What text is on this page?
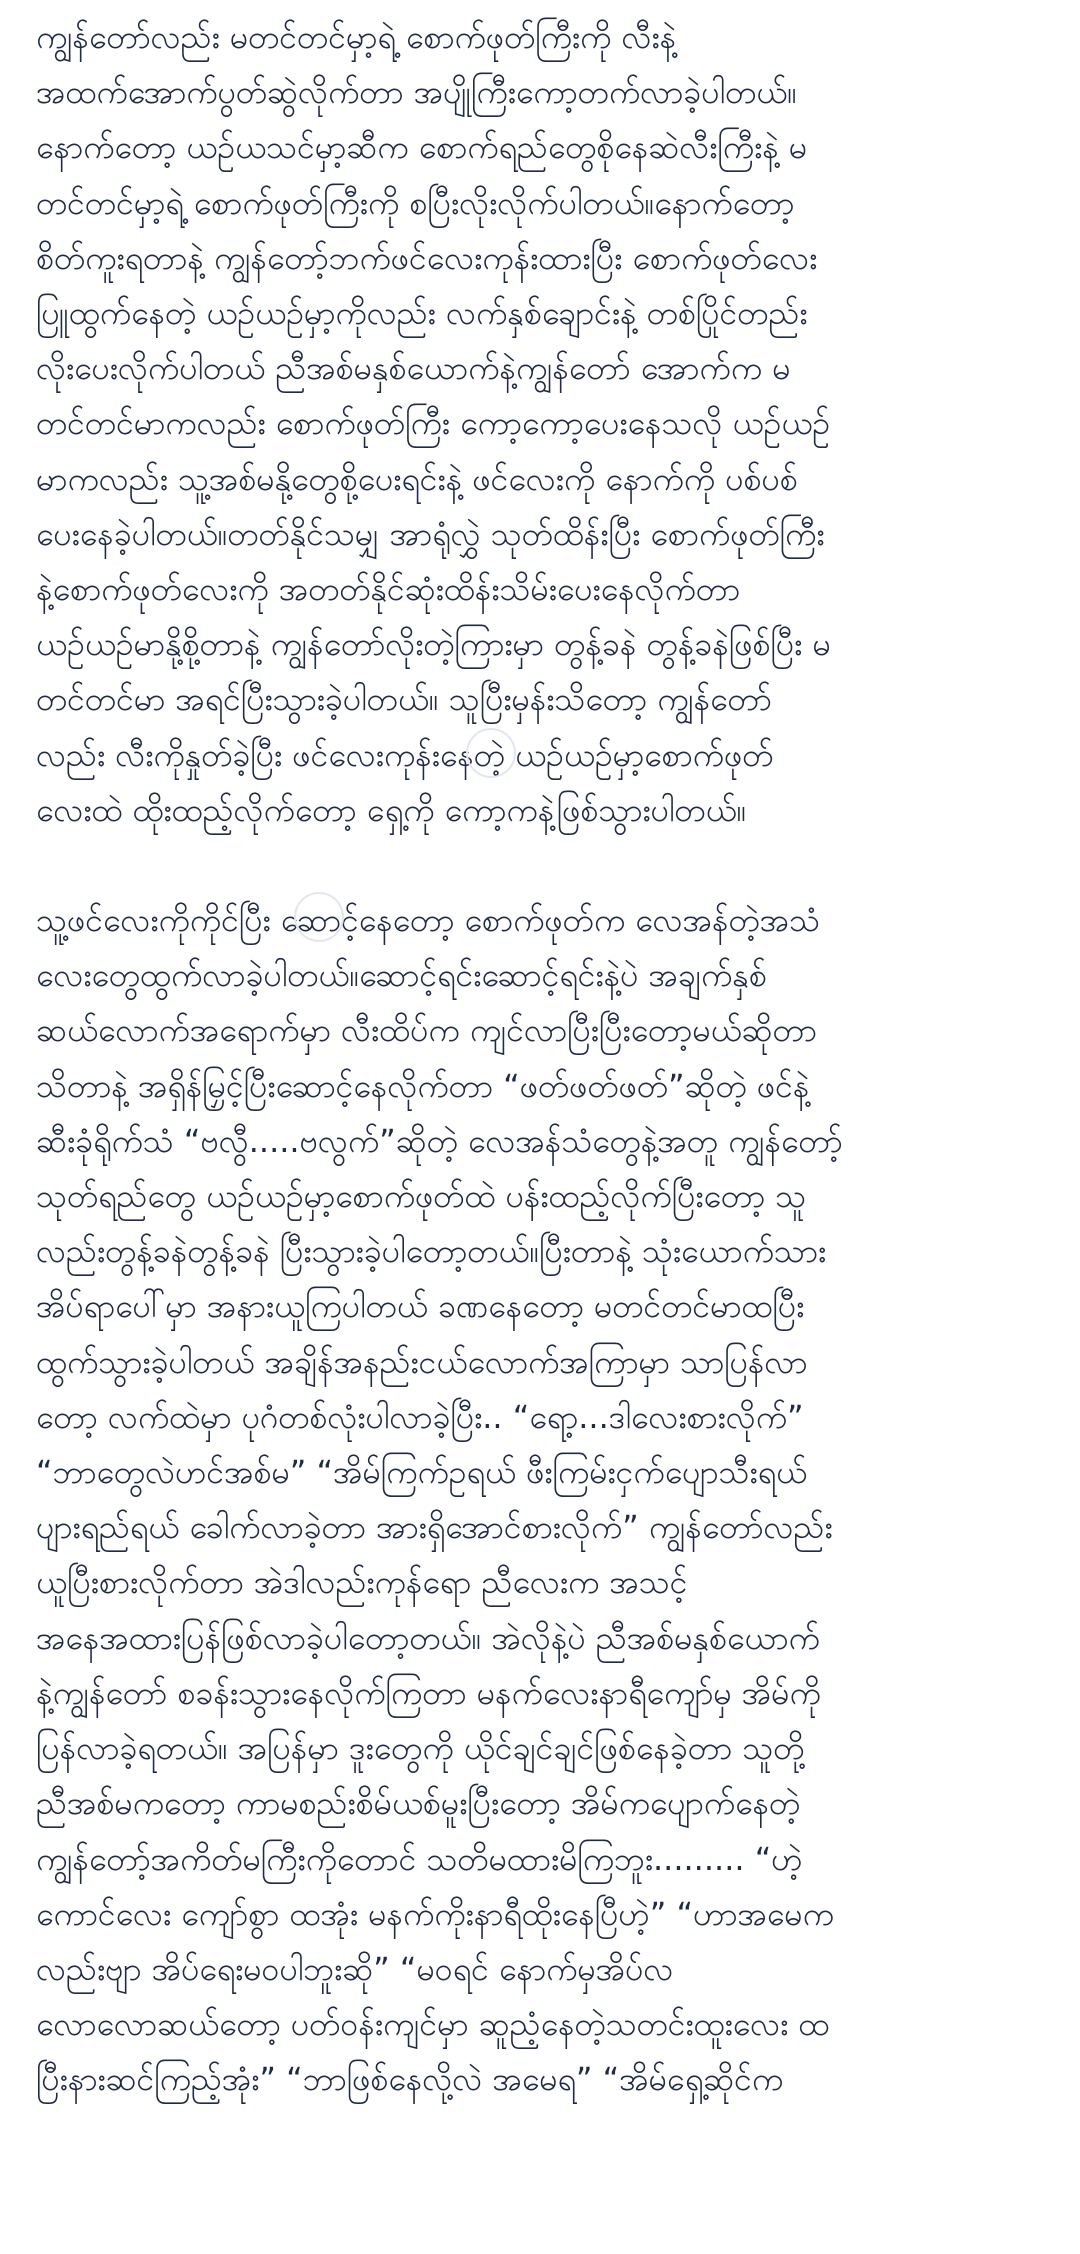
ကျွန်တော်လည်း မတင်တင်မှာ့ရဲ့ စောက်ဖုတ်ကြီးကို လီးနဲ့
အထက်အောက်ပွတ်ဆွဲလိုက်တာ အပျိုကြီးကော့တက်လာခဲ့ပါတယ်။
နောက်တော့ ယဉ်ယသင်မှာ့ဆီက စောက်ရည်တွေစိုနေဆဲလီးကြီးနဲ့ မ
တင်တင်မှာ့ရဲ့ စောက်ဖုတ်ကြီးကို စပြီးလိုးလိုက်ပါတယ်။နောက်တော့
စိတ်ကူးရတာနဲ့ ကျွန်တော့်ဘက်ဖင်လေးကုန်းထားပြီး စောက်ဖုတ်လေး
ပြူထွက်နေတဲ့ ယဉ်ယဉ်မှာ့ကိုလည်း လက်နှစ်ချောင်းနဲ့ တစ်ပြိုင်တည်း
လိုးပေးလိုက်ပါတယ် ညီအစ်မနှစ်ယောက်နဲ့ကျွန်တော် အောက်က မ
တင်တင်မာကလည်း စောက်ဖုတ်ကြီး ကော့ကော့ပေးနေသလို ယဉ်ယဉ်
မာကလည်း သူ့အစ်မနို့တွေစို့ပေးရင်းနဲ့ ဖင်လေးကို နောက်ကို ပစ်ပစ်
ပေးနေခဲ့ပါတယ်။တတ်နိုင်သမျှ အာရုံလွှဲ သုတ်ထိန်းပြီး စောက်ဖုတ်ကြီး
နဲ့စောက်ဖုတ်လေးကို အတတ်နိုင်ဆုံးထိန်းသိမ်းပေးနေလိုက်တာ
ယဉ်ယဉ်မာနို့စို့တာနဲ့ ကျွန်တော်လိုးတဲ့ကြားမှာ တွန့်ခနဲ တွန့်ခနဲဖြစ်ပြီး မ
တင်တင်မာ အရင်ပြီးသွားခဲ့ပါတယ်။ သူပြီးမှန်းသိတော့ ကျွန်တော်
လည်း လီးကိုနှုတ်ခဲ့ပြီး ဖင်လေးကုန်းနေတဲ့ ယဉ်ယဉ်မှာ့စောက်ဖုတ်
လေးထဲ ထိုးထည့်လိုက်တော့ ရှေ့ကို ကော့ကနဲ့ဖြစ်သွားပါတယ်။

သူ့ဖင်လေးကိုကိုင်ပြီး ဆောင့်နေတော့ စောက်ဖုတ်က လေအန်တဲ့အသံ
လေးတွေထွက်လာခဲ့ပါတယ်။ဆောင့်ရင်းဆောင့်ရင်းနဲ့ပဲ အချက်နှစ်
ဆယ်လောက်အရောက်မှာ လီးထိပ်က ကျင်လာပြီးပြီးတော့မယ်ဆိုတာ
သိတာနဲ့ အရှိန်မြှင့်ပြီးဆောင့်နေလိုက်တာ “ဖတ်ဖတ်ဖတ်”ဆိုတဲ့ ဖင်နဲ့
ဆီးခုံရိုက်သံ “ဗလွီ.....ဗလွက်”ဆိုတဲ့ လေအန်သံတွေနဲ့အတူ ကျွန်တော့်
သုတ်ရည်တွေ ယဉ်ယဉ်မှာ့စောက်ဖုတ်ထဲ ပန်းထည့်လိုက်ပြီးတော့ သူ
လည်းတွန့်ခနဲတွန့်ခနဲ ပြီးသွားခဲ့ပါတော့တယ်။ပြီးတာနဲ့ သုံးယောက်သား
အိပ်ရာပေါ်မှာ အနားယူကြပါတယ် ခဏနေတော့ မတင်တင်မာထပြီး
ထွက်သွားခဲ့ပါတယ် အချိန်အနည်းငယ်လောက်အကြာမှာ သာပြန်လာ
တော့ လက်ထဲမှာ ပုဂံတစ်လုံးပါလာခဲ့ပြီး.. “ရော့...ဒါလေးစားလိုက်”
“ဘာတွေလဲဟင်အစ်မ” “အိမ်ကြက်ဥရယ် ဖီးကြမ်းငှက်ပျောသီးရယ်
ပျားရည်ရယ် ခေါက်လာခဲ့တာ အားရှိအောင်စားလိုက်” ကျွန်တော်လည်း
ယူပြီးစားလိုက်တာ အဲဒါလည်းကုန်ရော ညီလေးက အသင့်
အနေအထားပြန်ဖြစ်လာခဲ့ပါတော့တယ်။ အဲလိုနဲ့ပဲ ညီအစ်မနှစ်ယောက်
နဲ့ကျွန်တော် စခန်းသွားနေလိုက်ကြတာ မနက်လေးနာရီကျော်မှ အိမ်ကို
ပြန်လာခဲ့ရတယ်။ အပြန်မှာ ဒူးတွေကို ယိုင်ချင်ချင်ဖြစ်နေခဲ့တာ သူတို့
ညီအစ်မကတော့ ကာမစည်းစိမ်ယစ်မူးပြီးတော့ အိမ်ကပျောက်နေတဲ့
ကျွန်တော့်အကိတ်မကြီးကိုတောင် သတိမထားမိကြဘူး......... “ဟဲ့
ကောင်လေး ကျော်စွာ ထအုံး မနက်ကိုးနာရီထိုးနေပြီဟဲ့” “ဟာအမေက
လည်းဗျာ အိပ်ရေးမဝပါဘူးဆို” “မဝရင် နောက်မှအိပ်လ
လောလောဆယ်တော့ ပတ်ဝန်းကျင်မှာ ဆူညံ့နေတဲ့သတင်းထူးလေး ထ
ပြီးနားဆင်ကြည့်အုံး” “ဘာဖြစ်နေလို့လဲ အမေရ” “အိမ်ရှေ့ဆိုင်က
